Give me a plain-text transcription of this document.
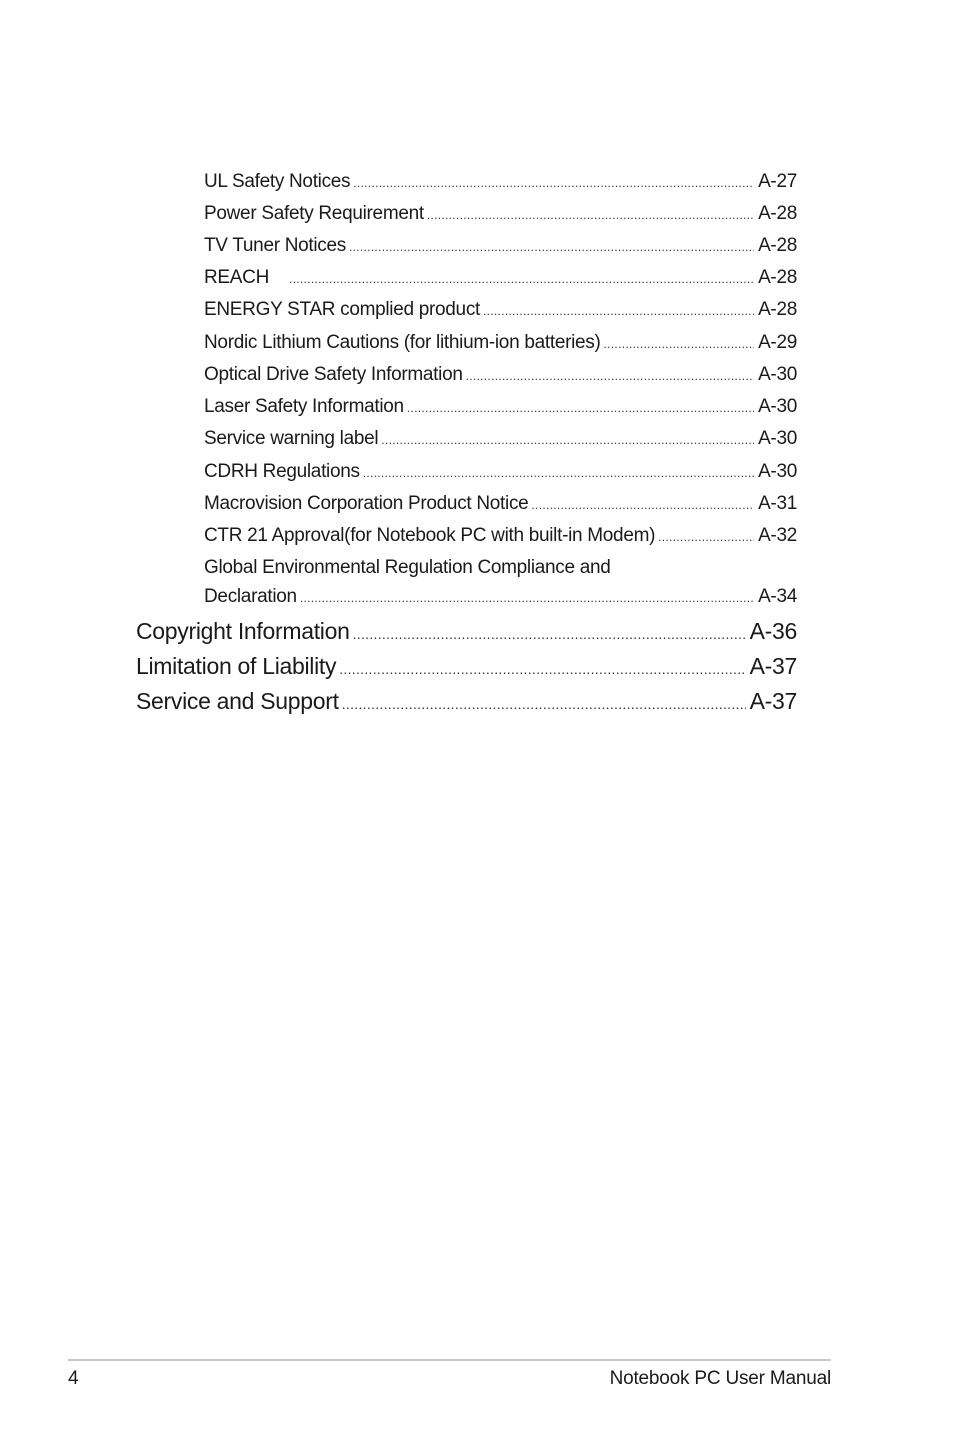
UL Safety Notices .....	A-27
Power Safety Requirement .....	A-28
TV Tuner Notices .....	A-28
REACH .....	A-28
ENERGY STAR complied product .....	A-28
Nordic Lithium Cautions (for lithium-ion batteries) .....	A-29
Optical Drive Safety Information .....	A-30
Laser Safety Information .....	A-30
Service warning label .....	A-30
CDRH Regulations .....	A-30
Macrovision Corporation Product Notice .....	A-31
CTR 21 Approval(for Notebook PC with built-in Modem) .....	A-32
Global Environmental Regulation Compliance and
Declaration .....	A-34
Copyright Information .....	A-36
Limitation of Liability .....	A-37
Service and Support .....	A-37
4	Notebook PC User Manual
